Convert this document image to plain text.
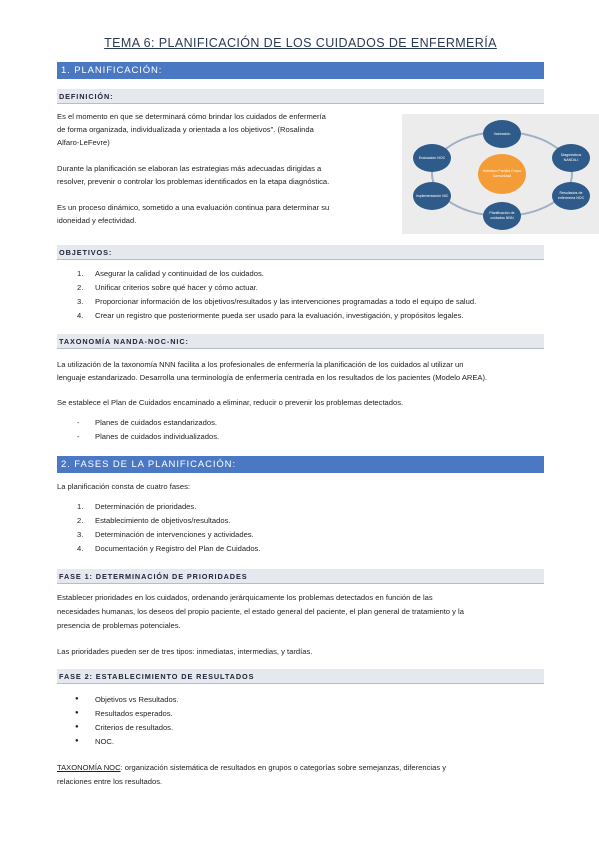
TEMA 6: PLANIFICACIÓN DE LOS CUIDADOS DE ENFERMERÍA
1. PLANIFICACIÓN:
DEFINICIÓN:
Es el momento en que se determinará cómo brindar los cuidados de enfermería
de forma organizada, individualizada y orientada a los objetivos". (Rosalinda
Alfaro-LeFevre)
Durante la planificación se elaboran las estrategias más adecuadas dirigidas a
resolver, prevenir o controlar los problemas identificados en la etapa diagnóstica.
Es un proceso dinámico, sometido a una evaluación continua para determinar su
idoneidad y efectividad.
Individuo Familia Grupo Comunidad
Valoración
Diagnósticos NANDA-I
Resultados de enfermería NOC
Planificación de cuidados NNN
Implementación NIC
Evaluación NOC
OBJETIVOS:
1. Asegurar la calidad y continuidad de los cuidados.
2. Unificar criterios sobre qué hacer y cómo actuar.
3. Proporcionar información de los objetivos/resultados y las intervenciones programadas a todo el equipo de salud.
4. Crear un registro que posteriormente pueda ser usado para la evaluación, investigación, y propósitos legales.
TAXONOMÍA NANDA-NOC-NIC:
La utilización de la taxonomía NNN facilita a los profesionales de enfermería la planificación de los cuidados al utilizar un
lenguaje estandarizado. Desarrolla una terminología de enfermería centrada en los resultados de los pacientes (Modelo AREA).
Se establece el Plan de Cuidados encaminado a eliminar, reducir o prevenir los problemas detectados.
- Planes de cuidados estandarizados.
- Planes de cuidados individualizados.
2. FASES DE LA PLANIFICACIÓN:
La planificación consta de cuatro fases:
1. Determinación de prioridades.
2. Establecimiento de objetivos/resultados.
3. Determinación de intervenciones y actividades.
4. Documentación y Registro del Plan de Cuidados.
FASE 1: DETERMINACIÓN DE PRIORIDADES
Establecer prioridades en los cuidados, ordenando jerárquicamente los problemas detectados en función de las
necesidades humanas, los deseos del propio paciente, el estado general del paciente, el plan general de tratamiento y la
presencia de problemas potenciales.
Las prioridades pueden ser de tres tipos: inmediatas, intermedias, y tardías.
FASE 2: ESTABLECIMIENTO DE RESULTADOS
● Objetivos vs Resultados.
● Resultados esperados.
● Criterios de resultados.
● NOC.
TAXONOMÍA NOC: organización sistemática de resultados en grupos o categorías sobre semejanzas, diferencias y
relaciones entre los resultados.
